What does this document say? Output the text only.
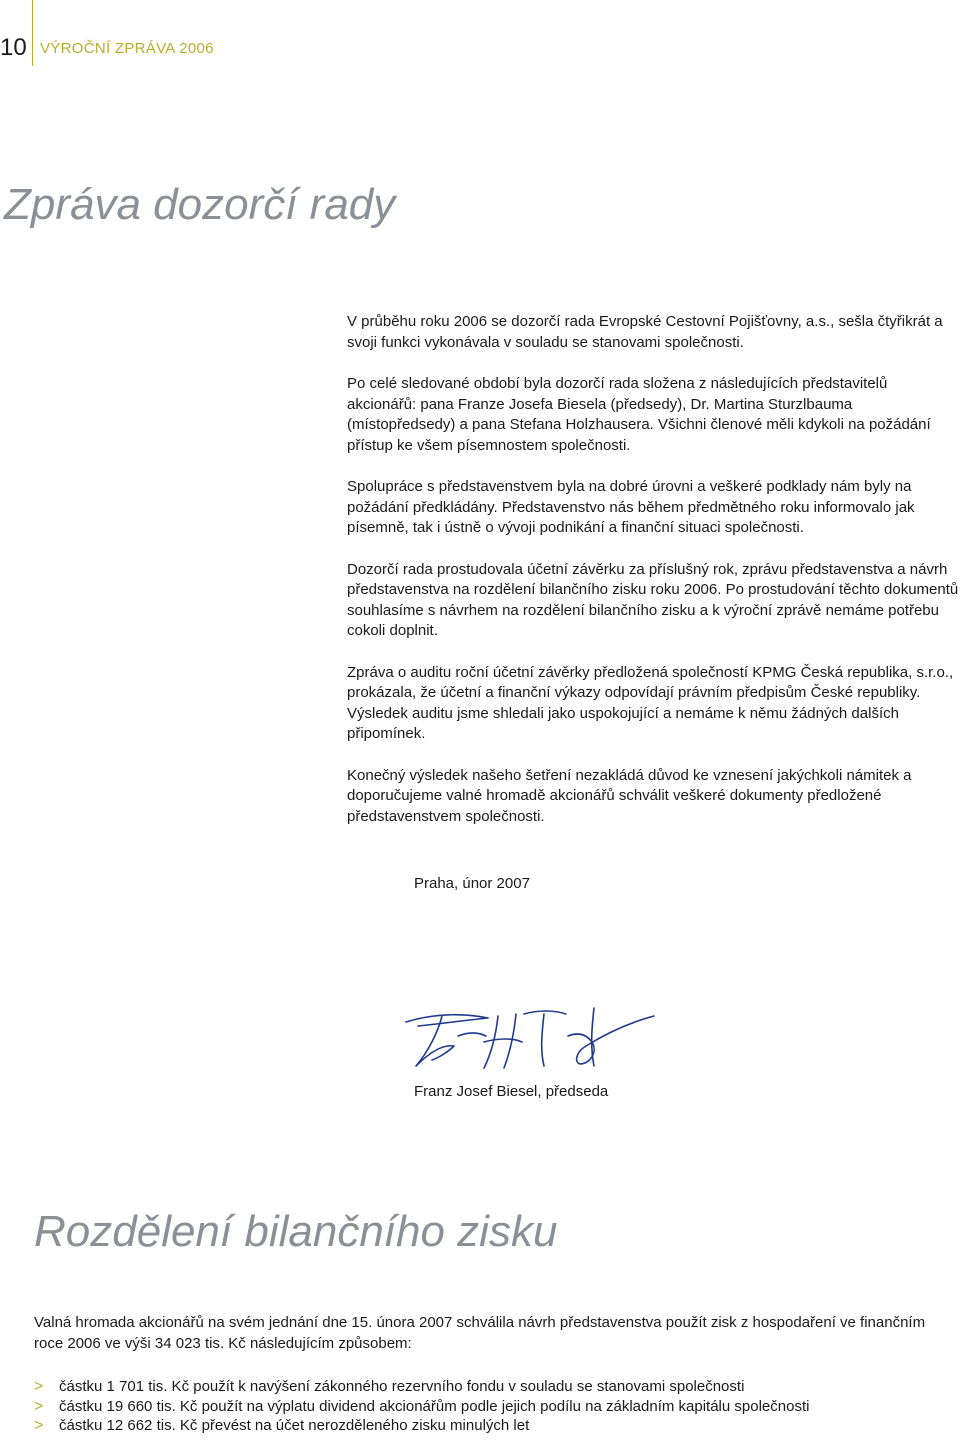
10 VÝROČNÍ ZPRÁVA 2006
Zpráva dozorčí rady

V průběhu roku 2006 se dozorčí rada Evropské Cestovní Pojišťovny, a.s., sešla čtyřikrát a svoji funkci vykonávala v souladu se stanovami společnosti.

Po celé sledované období byla dozorčí rada složena z následujících představitelů akcionářů: pana Franze Josefa Biesela (předsedy), Dr. Martina Sturzlbauma (místopředsedy) a pana Stefana Holzhausera. Všichni členové měli kdykoli na požádání přístup ke všem písemnostem společnosti.

Spolupráce s představenstvem byla na dobré úrovni a veškeré podklady nám byly na požádání předkládány. Představenstvo nás během předmětného roku informovalo jak písemně, tak i ústně o vývoji podnikání a finanční situaci společnosti.

Dozorčí rada prostudovala účetní závěrku za příslušný rok, zprávu představenstva a návrh představenstva na rozdělení bilančního zisku roku 2006. Po prostudování těchto dokumentů souhlasíme s návrhem na rozdělení bilančního zisku a k výroční zprávě nemáme potřebu cokoli doplnit.

Zpráva o auditu roční účetní závěrky předložená společností KPMG Česká republika, s.r.o., prokázala, že účetní a finanční výkazy odpovídají právním předpisům České republiky. Výsledek auditu jsme shledali jako uspokojující a nemáme k němu žádných dalších připomínek.

Konečný výsledek našeho šetření nezakládá důvod ke vznesení jakýchkoli námitek a doporučujeme valné hromadě akcionářů schválit veškeré dokumenty předložené představenstvem společnosti.

Praha, únor 2007
Franz Josef Biesel, předseda
Rozdělení bilančního zisku

Valná hromada akcionářů na svém jednání dne 15. února 2007 schválila návrh představenstva použít zisk z hospodaření ve finančním roce 2006 ve výši 34 023 tis. Kč následujícím způsobem:

> částku 1 701 tis. Kč použít k navýšení zákonného rezervního fondu v souladu se stanovami společnosti
> částku 19 660 tis. Kč použít na výplatu dividend akcionářům podle jejich podílu na základním kapitálu společnosti
> částku 12 662 tis. Kč převést na účet nerozděleného zisku minulých let
